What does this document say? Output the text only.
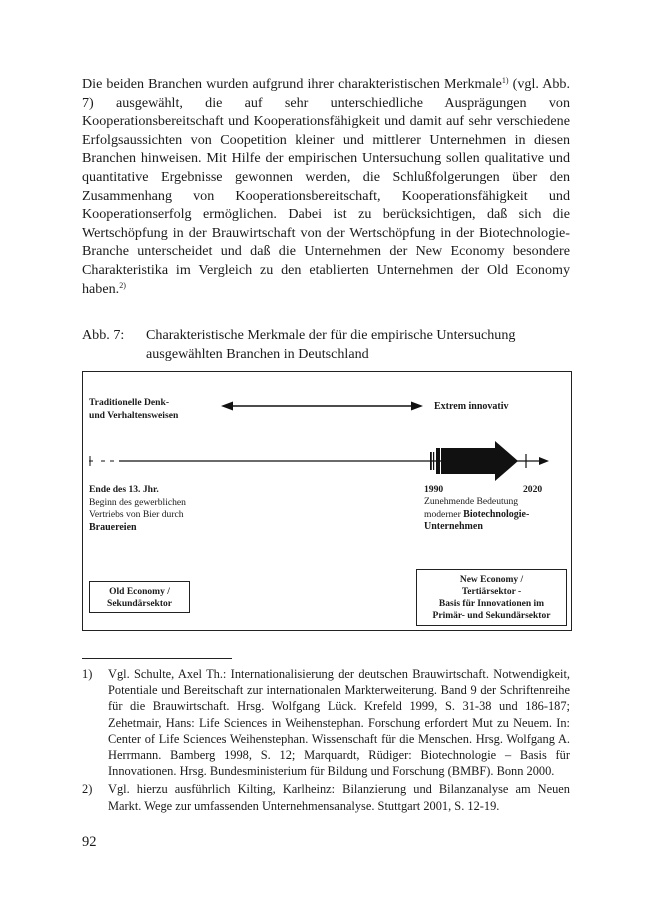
Die beiden Branchen wurden aufgrund ihrer charakteristischen Merkmale$^{1)}$ (vgl. Abb. 7) ausgewählt, die auf sehr unterschiedliche Ausprägungen von Kooperationsbereitschaft und Kooperationsfähigkeit und damit auf sehr verschiedene Erfolgsaussichten von Coopetition kleiner und mittlerer Unternehmen in diesen Branchen hinweisen. Mit Hilfe der empirischen Untersuchung sollen qualitative und quantitative Ergebnisse gewonnen werden, die Schlußfolgerungen über den Zusammenhang von Kooperationsbereitschaft, Kooperationsfähigkeit und Kooperationserfolg ermöglichen. Dabei ist zu berücksichtigen, daß sich die Wertschöpfung in der Brauwirtschaft von der Wertschöpfung in der Biotechnologie-Branche unterscheidet und daß die Unternehmen der New Economy besondere Charakteristika im Vergleich zu den etablierten Unternehmen der Old Economy haben.$^{2)}$

Abb. 7:	Charakteristische Merkmale der für die empirische Untersuchung ausgewählten Branchen in Deutschland
Traditionelle Denk-
und Verhaltensweisen
Extrem innovativ
Ende des 13. Jhr.
Beginn des gewerblichen
Vertriebs von Bier durch
Brauereien
1990	2020
Zunehmende Bedeutung
moderner Biotechnologie-
Unternehmen
Old Economy /
Sekundärsektor
New Economy /
Tertiärsektor -
Basis für Innovationen im
Primär- und Sekundärsektor
1)	Vgl. Schulte, Axel Th.: Internationalisierung der deutschen Brauwirtschaft. Notwendigkeit, Potentiale und Bereitschaft zur internationalen Markterweiterung. Band 9 der Schriftenreihe für die Brauwirtschaft. Hrsg. Wolfgang Lück. Krefeld 1999, S. 31-38 und 186-187; Zehetmair, Hans: Life Sciences in Weihenstephan. Forschung erfordert Mut zu Neuem. In: Center of Life Sciences Weihenstephan. Wissenschaft für die Menschen. Hrsg. Wolfgang A. Herrmann. Bamberg 1998, S. 12; Marquardt, Rüdiger: Biotechnologie – Basis für Innovationen. Hrsg. Bundesministerium für Bildung und Forschung (BMBF). Bonn 2000.
2)	Vgl. hierzu ausführlich Kilting, Karlheinz: Bilanzierung und Bilanzanalyse am Neuen Markt. Wege zur umfassenden Unternehmensanalyse. Stuttgart 2001, S. 12-19.
92
